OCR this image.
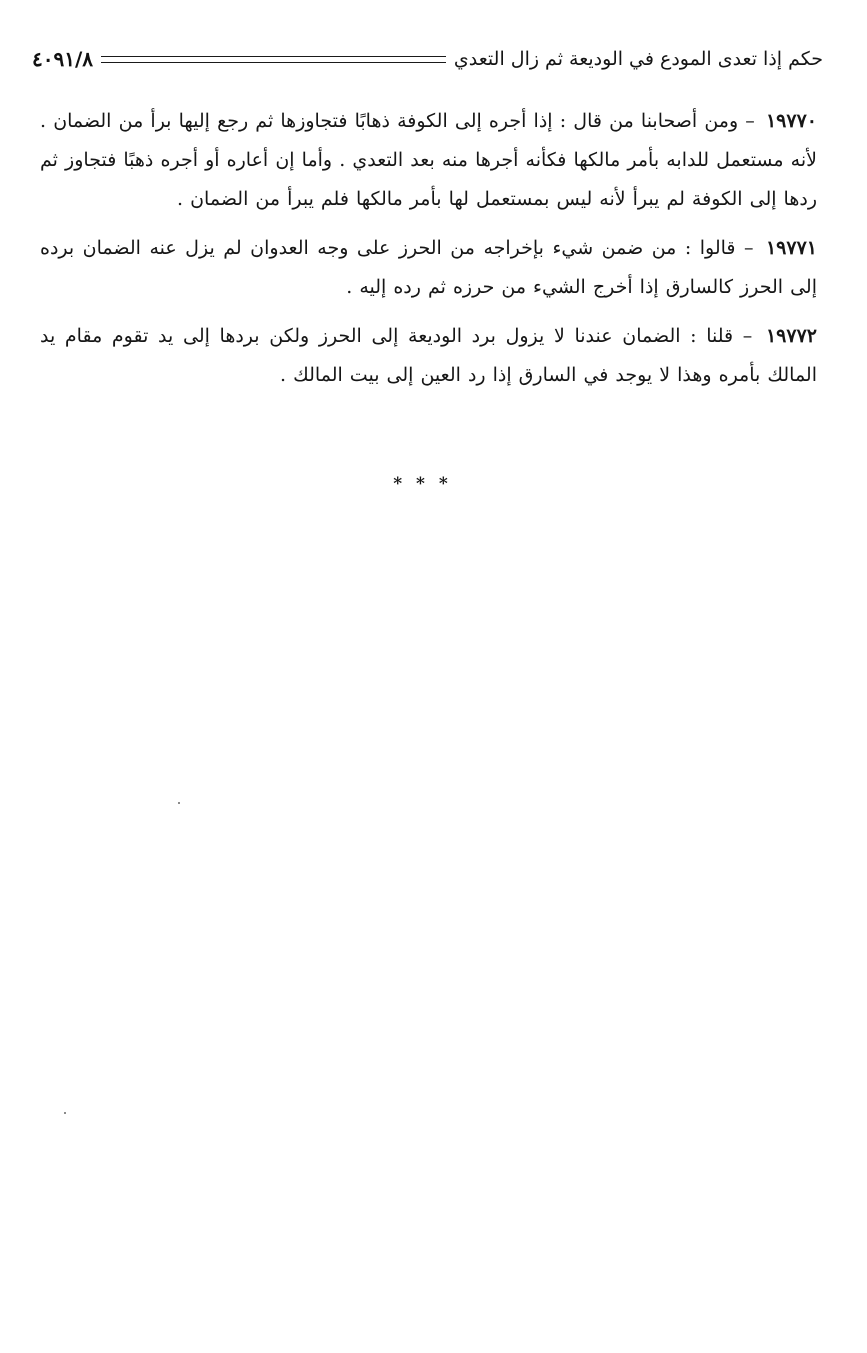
حكم إذا تعدى المودع في الوديعة ثم زال التعدي
٤٠٩١/٨

١٩٧٧٠ – ومن أصحابنا من قال : إذا أجره إلى الكوفة ذهابًا فتجاوزها ثم رجع إليها برأ من الضمان . لأنه مستعمل للدابه بأمر مالكها فكأنه أجرها منه بعد التعدي . وأما إن أعاره أو أجره ذهبًا فتجاوز ثم ردها إلى الكوفة لم يبرأ لأنه ليس بمستعمل لها بأمر مالكها فلم يبرأ من الضمان .

١٩٧٧١ – قالوا : من ضمن شيء بإخراجه من الحرز على وجه العدوان لم يزل عنه الضمان برده إلى الحرز كالسارق إذا أخرج الشيء من حرزه ثم رده إليه .

١٩٧٧٢ – قلنا : الضمان عندنا لا يزول برد الوديعة إلى الحرز ولكن بردها إلى يد تقوم مقام يد المالك بأمره وهذا لا يوجد في السارق إذا رد العين إلى بيت المالك .

* * *
